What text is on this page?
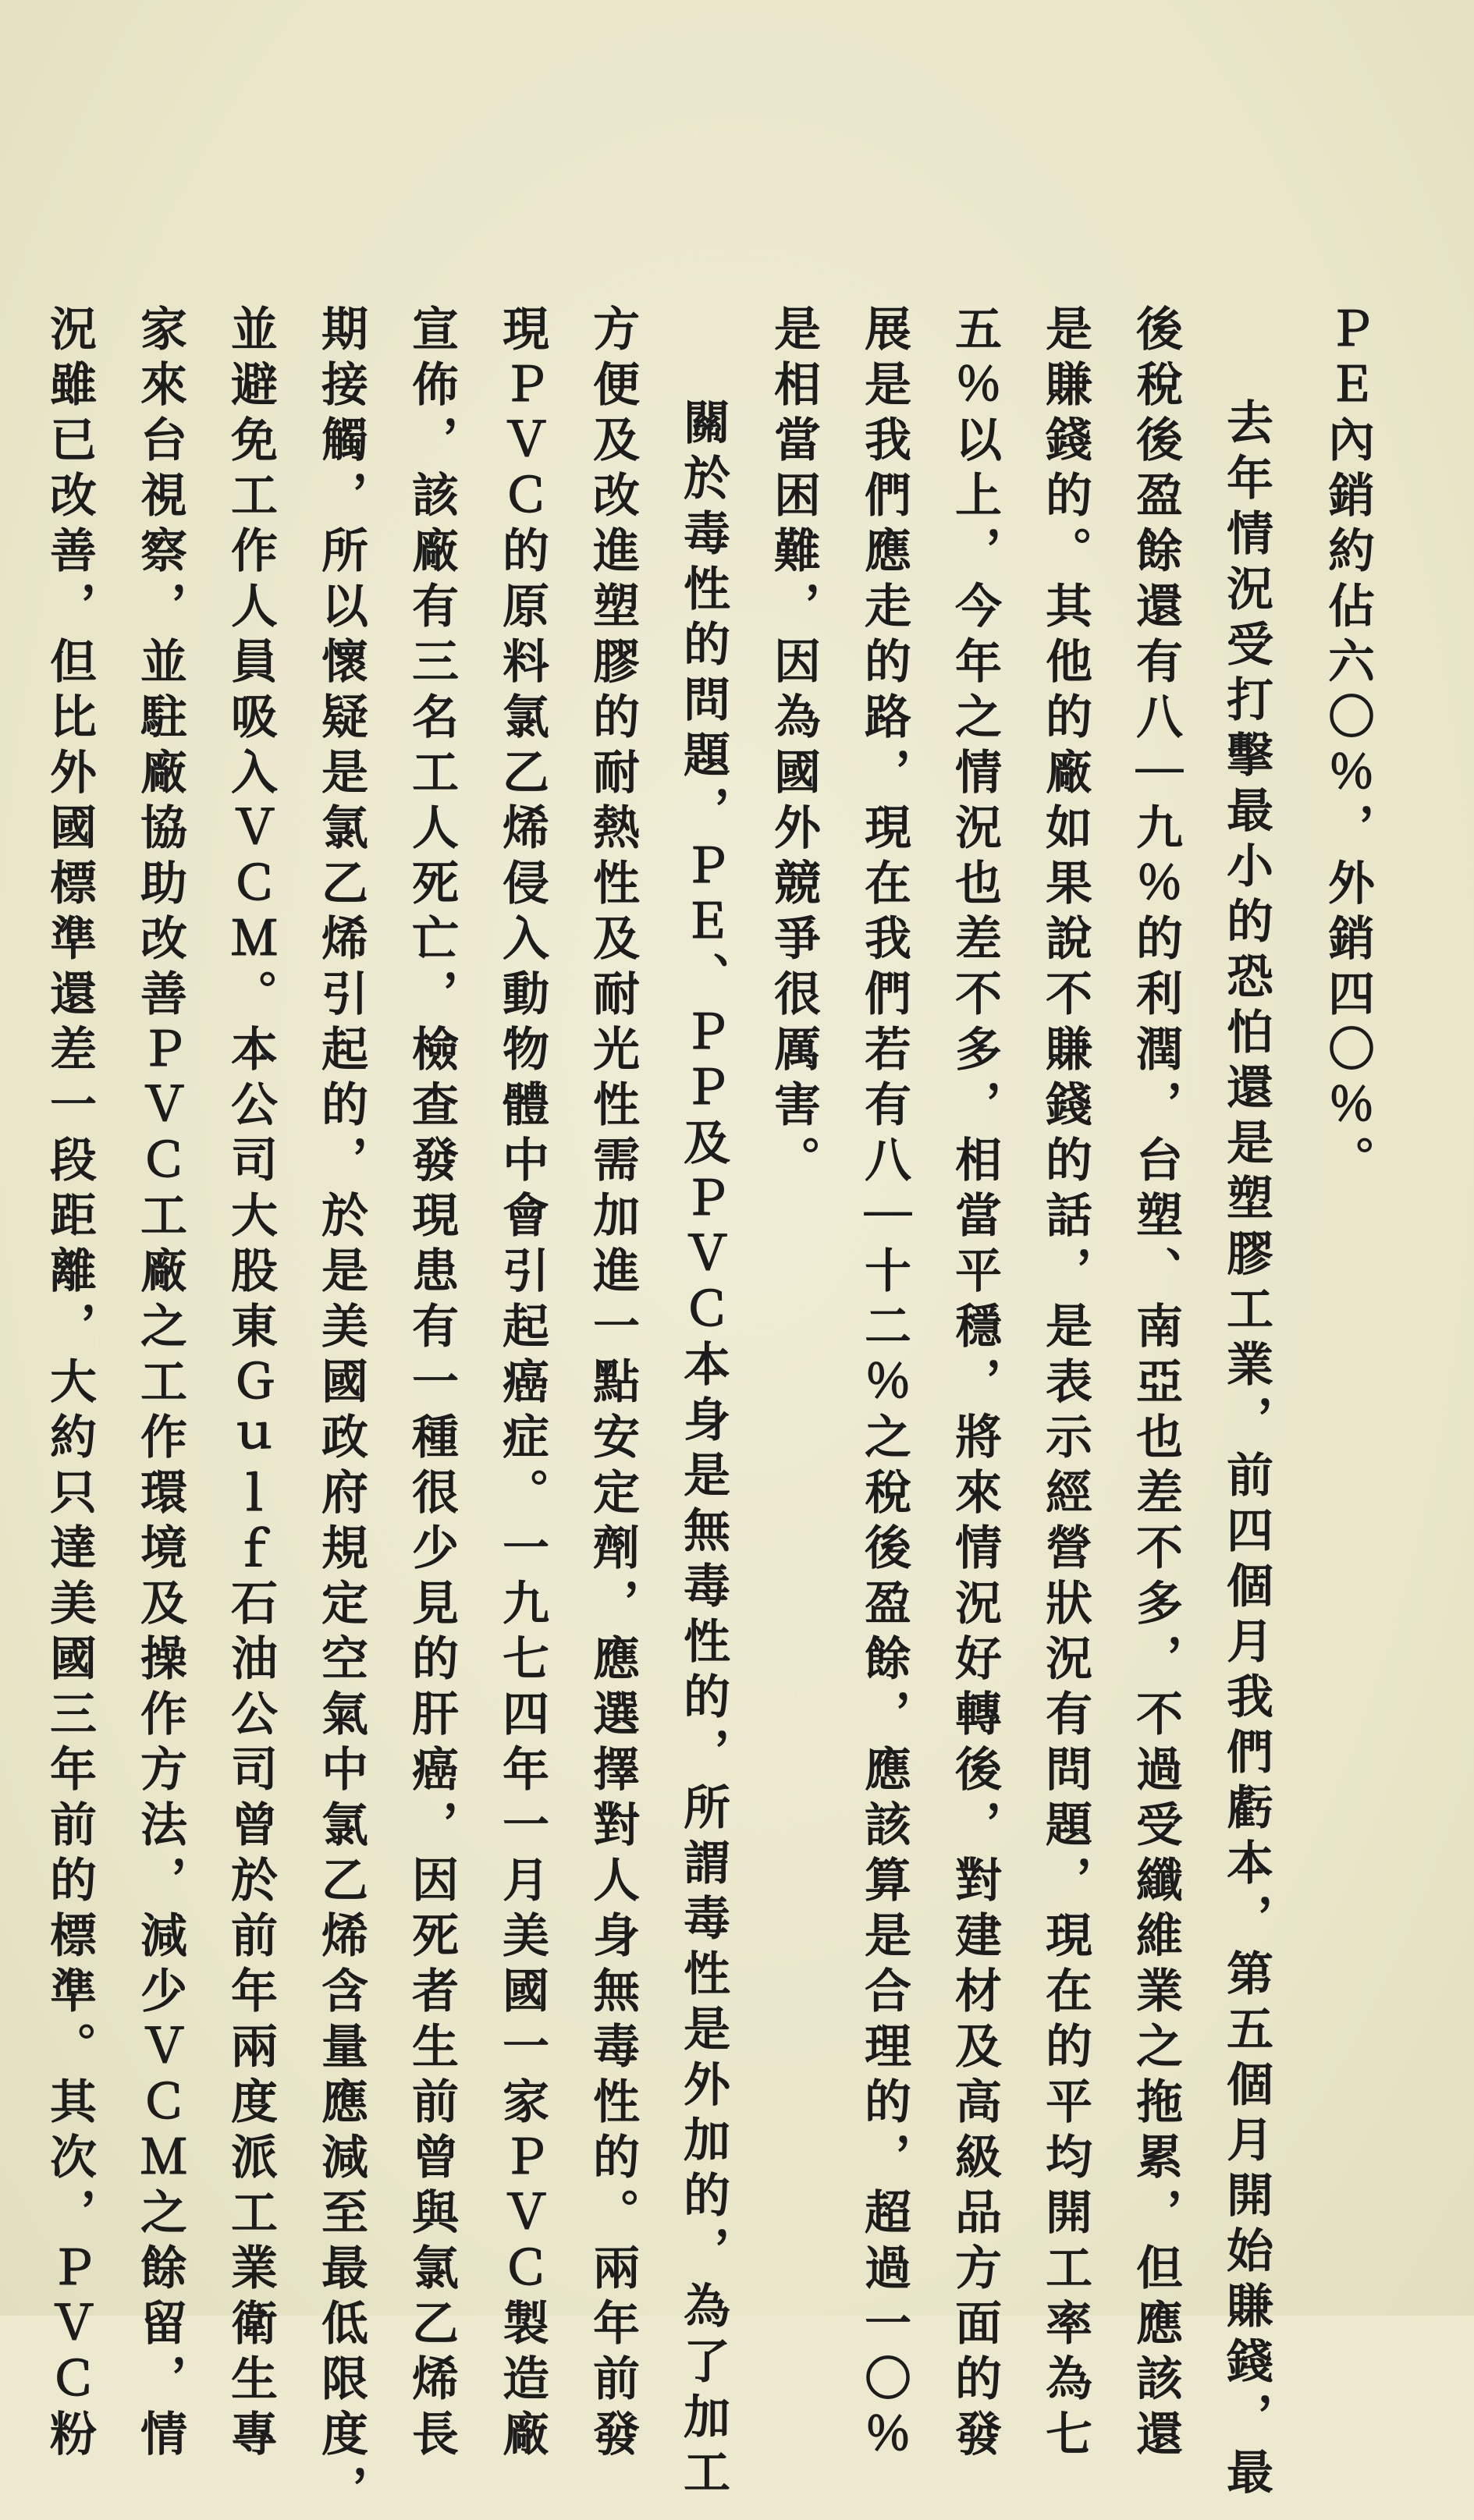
ＰＥ內銷約佔六〇％，外銷四〇％。

去年情況受打擊最小的恐怕還是塑膠工業，前四個月我們虧本，第五個月開始賺錢，最

後稅後盈餘還有八｜九％的利潤，台塑、南亞也差不多，不過受纖維業之拖累，但應該還

是賺錢的。其他的廠如果說不賺錢的話，是表示經營狀況有問題，現在的平均開工率為七

五％以上，今年之情況也差不多，相當平穩，將來情況好轉後，對建材及高級品方面的發

展是我們應走的路，現在我們若有八｜十二％之稅後盈餘，應該算是合理的，超過一〇％

是相當困難，因為國外競爭很厲害。

關於毒性的問題，ＰＥ、ＰＰ及ＰＶＣ本身是無毒性的，所謂毒性是外加的，為了加工

方便及改進塑膠的耐熱性及耐光性需加進一點安定劑，應選擇對人身無毒性的。兩年前發

現ＰＶＣ的原料氯乙烯侵入動物體中會引起癌症。一九七四年一月美國一家ＰＶＣ製造廠

宣佈，該廠有三名工人死亡，檢查發現患有一種很少見的肝癌，因死者生前曾與氯乙烯長

期接觸，所以懷疑是氯乙烯引起的，於是美國政府規定空氣中氯乙烯含量應減至最低限度，

並避免工作人員吸入ＶＣＭ。本公司大股東Ｇｕｌｆ石油公司曾於前年兩度派工業衛生專

家來台視察，並駐廠協助改善ＰＶＣ工廠之工作環境及操作方法，減少ＶＣＭ之餘留，情

況雖已改善，但比外國標準還差一段距離，大約只達美國三年前的標準。其次，ＰＶＣ粉
